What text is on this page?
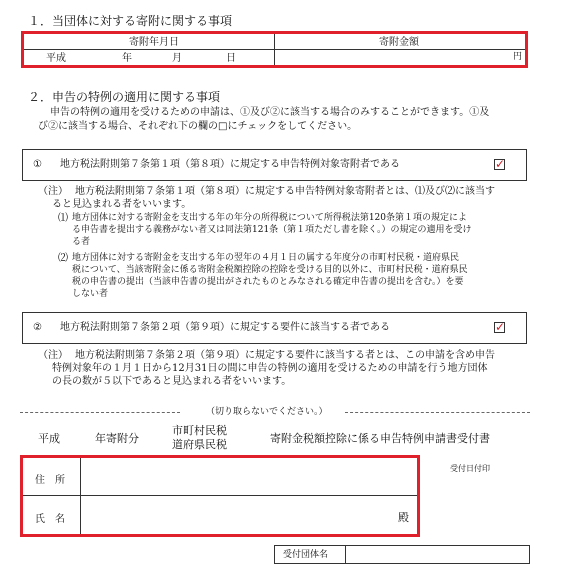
１．当団体に対する寄附に関する事項
寄附年月日	寄附金額
平成	年	月	日	円
２．申告の特例の適用に関する事項
申告の特例の適用を受けるための申請は、①及び②に該当する場合のみすることができます。①及
び②に該当する場合、それぞれ下の欄の□にチェックをしてください。
① 地方税法附則第７条第１項（第８項）に規定する申告特例対象寄附者である	✓
（注） 地方税法附則第７条第１項（第８項）に規定する申告特例対象寄附者とは、⑴及び⑵に該当す
ると見込まれる者をいいます。
⑴ 地方団体に対する寄附金を支出する年の年分の所得税について所得税法第120条第１項の規定によ
る申告書を提出する義務がない者又は同法第121条（第１項ただし書を除く。）の規定の適用を受け
る者
⑵ 地方団体に対する寄附金を支出する年の翌年の４月１日の属する年度分の市町村民税・道府県民
税について、当該寄附金に係る寄附金税額控除の控除を受ける目的以外に、市町村民税・道府県民
税の申告書の提出（当該申告書の提出がされたものとみなされる確定申告書の提出を含む。）を要
しない者
② 地方税法附則第７条第２項（第９項）に規定する要件に該当する者である	✓
（注） 地方税法附則第７条第２項（第９項）に規定する要件に該当する者とは、この申請を含め申告
特例対象年の１月１日から12月31日の間に申告の特例の適用を受けるための申請を行う地方団体
の長の数が５以下であると見込まれる者をいいます。
（切り取らないでください。）
平成	年寄附分
市町村民税
道府県民税	寄附金税額控除に係る申告特例申請書受付書
住　所
氏　名	殿
受付日付印
受付団体名
